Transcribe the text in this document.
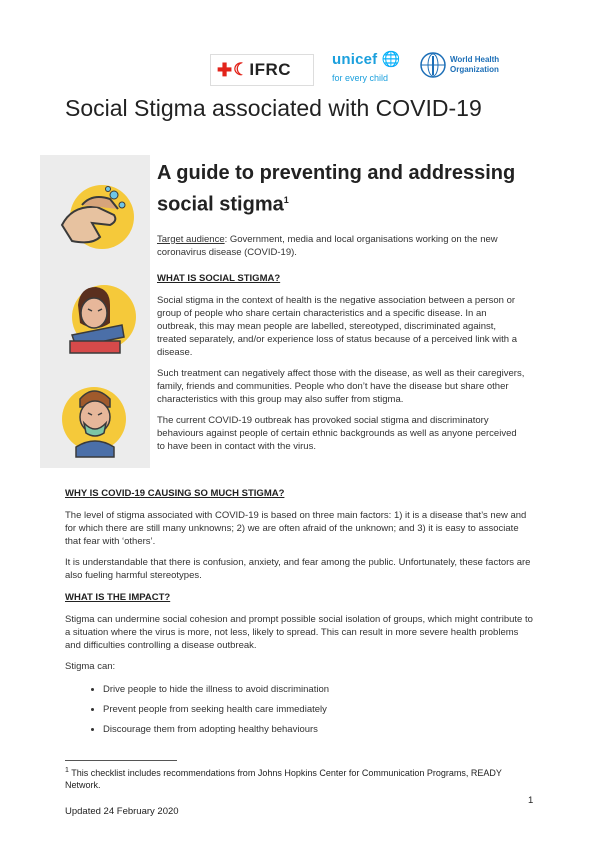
✚ ☾ IFRC
unicef 🌐
for every child
World Health
Organization
Social Stigma associated with COVID-19
A guide to preventing and addressing
social stigma$^1$

Target audience: Government, media and local organisations working on the new coronavirus disease (COVID-19).

WHAT IS SOCIAL STIGMA?

Social stigma in the context of health is the negative association between a person or group of people who share certain characteristics and a specific disease. In an outbreak, this may mean people are labelled, stereotyped, discriminated against, treated separately, and/or experience loss of status because of a perceived link with a disease.

Such treatment can negatively affect those with the disease, as well as their caregivers, family, friends and communities. People who don’t have the disease but share other characteristics with this group may also suffer from stigma.

The current COVID-19 outbreak has provoked social stigma and discriminatory behaviours against people of certain ethnic backgrounds as well as anyone perceived to have been in contact with the virus.

WHY IS COVID-19 CAUSING SO MUCH STIGMA?

The level of stigma associated with COVID-19 is based on three main factors: 1) it is a disease that’s new and for which there are still many unknowns; 2) we are often afraid of the unknown; and 3) it is easy to associate that fear with ‘others’.

It is understandable that there is confusion, anxiety, and fear among the public. Unfortunately, these factors are also fueling harmful stereotypes.

WHAT IS THE IMPACT?

Stigma can undermine social cohesion and prompt possible social isolation of groups, which might contribute to a situation where the virus is more, not less, likely to spread. This can result in more severe health problems and difficulties controlling a disease outbreak.

Stigma can:

• Drive people to hide the illness to avoid discrimination
• Prevent people from seeking health care immediately
• Discourage them from adopting healthy behaviours
$^1$ This checklist includes recommendations from Johns Hopkins Center for Communication Programs, READY Network.
1
Updated 24 February 2020
